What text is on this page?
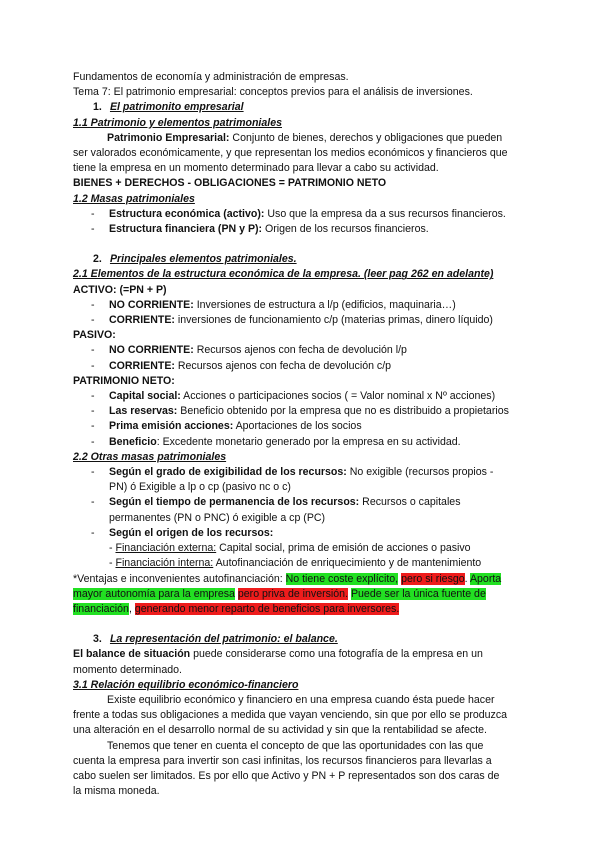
Fundamentos de economía y administración de empresas.
Tema 7: El patrimonio empresarial: conceptos previos para el análisis de inversiones.
1. El patrimonito empresarial
1.1 Patrimonio y elementos patrimoniales
Patrimonio Empresarial: Conjunto de bienes, derechos y obligaciones que pueden
ser valorados económicamente, y que representan los medios económicos y financieros que
tiene la empresa en un momento determinado para llevar a cabo su actividad.
BIENES + DERECHOS - OBLIGACIONES = PATRIMONIO NETO
1.2 Masas patrimoniales
- Estructura económica (activo): Uso que la empresa da a sus recursos financieros.
- Estructura financiera (PN y P): Origen de los recursos financieros.
2. Principales elementos patrimoniales.
2.1 Elementos de la estructura económica de la empresa. (leer pag 262 en adelante)
ACTIVO: (=PN + P)
- NO CORRIENTE: Inversiones de estructura a l/p (edificios, maquinaria…)
- CORRIENTE: inversiones de funcionamiento c/p (materias primas, dinero líquido)
PASIVO:
- NO CORRIENTE: Recursos ajenos con fecha de devolución l/p
- CORRIENTE: Recursos ajenos con fecha de devolución c/p
PATRIMONIO NETO:
- Capital social: Acciones o participaciones socios ( = Valor nominal x Nº acciones)
- Las reservas: Beneficio obtenido por la empresa que no es distribuido a propietarios
- Prima emisión acciones: Aportaciones de los socios
- Beneficio: Excedente monetario generado por la empresa en su actividad.
2.2 Otras masas patrimoniales
- Según el grado de exigibilidad de los recursos: No exigible (recursos propios -
PN) ó Exigible a lp o cp (pasivo nc o c)
- Según el tiempo de permanencia de los recursos: Recursos o capitales
permanentes (PN o PNC) ó exigible a cp (PC)
- Según el origen de los recursos:
- Financiación externa: Capital social, prima de emisión de acciones o pasivo
- Financiación interna: Autofinanciación de enriquecimiento y de mantenimiento
*Ventajas e inconvenientes autofinanciación: No tiene coste explícito, pero si riesgo. Aporta
mayor autonomía para la empresa pero priva de inversión. Puede ser la única fuente de
financiación, generando menor reparto de beneficios para inversores.
3. La representación del patrimonio: el balance.
El balance de situación puede considerarse como una fotografía de la empresa en un
momento determinado.
3.1 Relación equilibrio económico-financiero
Existe equilibrio económico y financiero en una empresa cuando ésta puede hacer
frente a todas sus obligaciones a medida que vayan venciendo, sin que por ello se produzca
una alteración en el desarrollo normal de su actividad y sin que la rentabilidad se afecte.
Tenemos que tener en cuenta el concepto de que las oportunidades con las que
cuenta la empresa para invertir son casi infinitas, los recursos financieros para llevarlas a
cabo suelen ser limitados. Es por ello que Activo y PN + P representados son dos caras de
la misma moneda.
